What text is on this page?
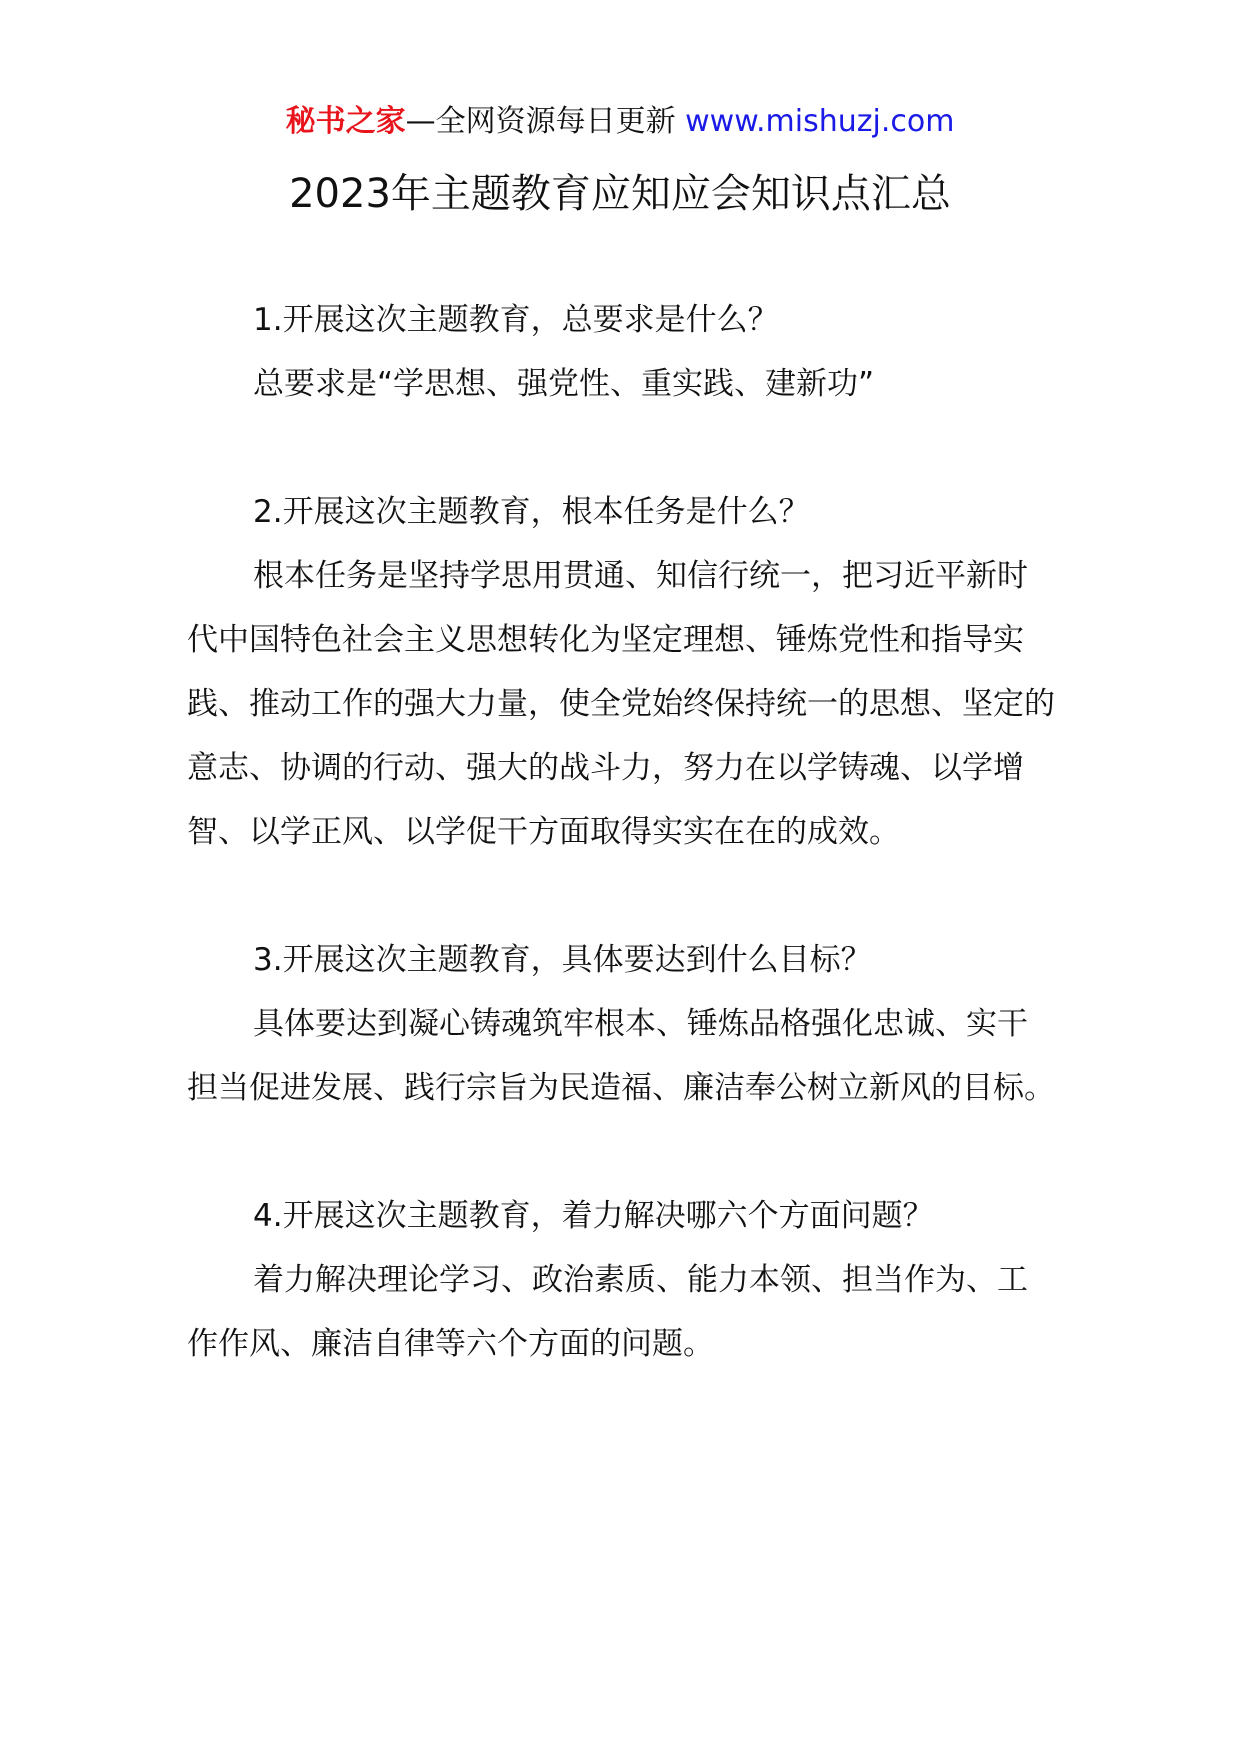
秘书之家—全网资源每日更新 www.mishuzj.com
2023年主题教育应知应会知识点汇总

1.开展这次主题教育，总要求是什么？

总要求是“学思想、强党性、重实践、建新功”

2.开展这次主题教育，根本任务是什么？

根本任务是坚持学思用贯通、知信行统一，把习近平新时代中国特色社会主义思想转化为坚定理想、锤炼党性和指导实践、推动工作的强大力量，使全党始终保持统一的思想、坚定的意志、协调的行动、强大的战斗力，努力在以学铸魂、以学增智、以学正风、以学促干方面取得实实在在的成效。

3.开展这次主题教育，具体要达到什么目标？

具体要达到凝心铸魂筑牢根本、锤炼品格强化忠诚、实干担当促进发展、践行宗旨为民造福、廉洁奉公树立新风的目标。

4.开展这次主题教育，着力解决哪六个方面问题？

着力解决理论学习、政治素质、能力本领、担当作为、工作作风、廉洁自律等六个方面的问题。
